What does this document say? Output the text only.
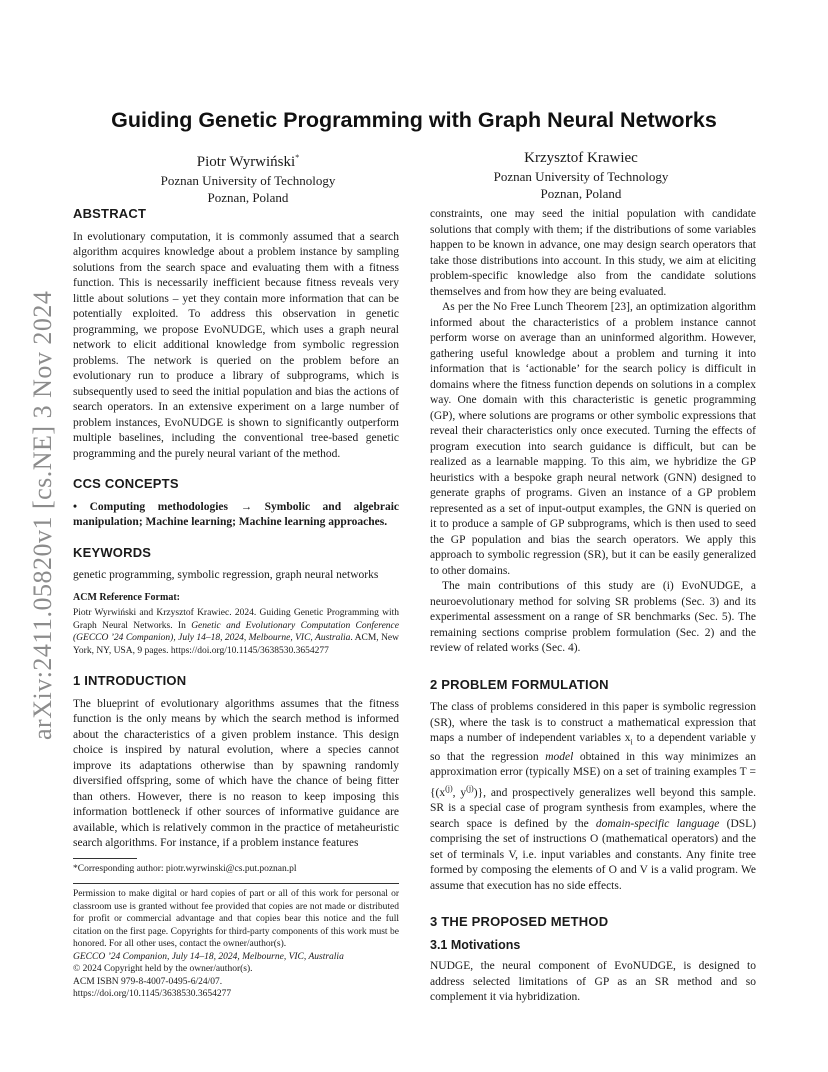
arXiv:2411.05820v1 [cs.NE] 3 Nov 2024
Guiding Genetic Programming with Graph Neural Networks
Piotr Wyrwiński*
Poznan University of Technology
Poznan, Poland
Krzysztof Krawiec
Poznan University of Technology
Poznan, Poland
ABSTRACT

In evolutionary computation, it is commonly assumed that a search algorithm acquires knowledge about a problem instance by sampling solutions from the search space and evaluating them with a fitness function. This is necessarily inefficient because fitness reveals very little about solutions – yet they contain more information that can be potentially exploited. To address this observation in genetic programming, we propose EvoNUDGE, which uses a graph neural network to elicit additional knowledge from symbolic regression problems. The network is queried on the problem before an evolutionary run to produce a library of subprograms, which is subsequently used to seed the initial population and bias the actions of search operators. In an extensive experiment on a large number of problem instances, EvoNUDGE is shown to significantly outperform multiple baselines, including the conventional tree-based genetic programming and the purely neural variant of the method.

CCS CONCEPTS

• Computing methodologies → Symbolic and algebraic manipulation; Machine learning; Machine learning approaches.

KEYWORDS

genetic programming, symbolic regression, graph neural networks

ACM Reference Format:

Piotr Wyrwiński and Krzysztof Krawiec. 2024. Guiding Genetic Programming with Graph Neural Networks. In Genetic and Evolutionary Computation Conference (GECCO ’24 Companion), July 14–18, 2024, Melbourne, VIC, Australia. ACM, New York, NY, USA, 9 pages. https://doi.org/10.1145/3638530.3654277

1 INTRODUCTION

The blueprint of evolutionary algorithms assumes that the fitness function is the only means by which the search method is informed about the characteristics of a given problem instance. This design choice is inspired by natural evolution, where a species cannot improve its adaptations otherwise than by spawning randomly diversified offspring, some of which have the chance of being fitter than others. However, there is no reason to keep imposing this information bottleneck if other sources of informative guidance are available, which is relatively common in the practice of metaheuristic search algorithms. For instance, if a problem instance features

*Corresponding author: piotr.wyrwinski@cs.put.poznan.pl

Permission to make digital or hard copies of part or all of this work for personal or classroom use is granted without fee provided that copies are not made or distributed for profit or commercial advantage and that copies bear this notice and the full citation on the first page. Copyrights for third-party components of this work must be honored. For all other uses, contact the owner/author(s).

GECCO ’24 Companion, July 14–18, 2024, Melbourne, VIC, Australia

© 2024 Copyright held by the owner/author(s).

ACM ISBN 979-8-4007-0495-6/24/07.

https://doi.org/10.1145/3638530.3654277

constraints, one may seed the initial population with candidate solutions that comply with them; if the distributions of some variables happen to be known in advance, one may design search operators that take those distributions into account. In this study, we aim at eliciting problem-specific knowledge also from the candidate solutions themselves and from how they are being evaluated.

As per the No Free Lunch Theorem [23], an optimization algorithm informed about the characteristics of a problem instance cannot perform worse on average than an uninformed algorithm. However, gathering useful knowledge about a problem and turning it into information that is ‘actionable’ for the search policy is difficult in domains where the fitness function depends on solutions in a complex way. One domain with this characteristic is genetic programming (GP), where solutions are programs or other symbolic expressions that reveal their characteristics only once executed. Turning the effects of program execution into search guidance is difficult, but can be realized as a learnable mapping. To this aim, we hybridize the GP heuristics with a bespoke graph neural network (GNN) designed to generate graphs of programs. Given an instance of a GP problem represented as a set of input-output examples, the GNN is queried on it to produce a sample of GP subprograms, which is then used to seed the GP population and bias the search operators. We apply this approach to symbolic regression (SR), but it can be easily generalized to other domains.

The main contributions of this study are (i) EvoNUDGE, a neuroevolutionary method for solving SR problems (Sec. 3) and its experimental assessment on a range of SR benchmarks (Sec. 5). The remaining sections comprise problem formulation (Sec. 2) and the review of related works (Sec. 4).

2 PROBLEM FORMULATION

The class of problems considered in this paper is symbolic regression (SR), where the task is to construct a mathematical expression that maps a number of independent variables $x_i$ to a dependent variable y so that the regression model obtained in this way minimizes an approximation error (typically MSE) on a set of training examples $T = \{(x^{(j)}$, $y^{(j)}$)}, and prospectively generalizes well beyond this sample. SR is a special case of program synthesis from examples, where the search space is defined by the domain-specific language (DSL) comprising the set of instructions O (mathematical operators) and the set of terminals V, i.e. input variables and constants. Any finite tree formed by composing the elements of O and V is a valid program. We assume that execution has no side effects.

3 THE PROPOSED METHOD
3.1 Motivations

NUDGE, the neural component of EvoNUDGE, is designed to address selected limitations of GP as an SR method and so complement it via hybridization.
